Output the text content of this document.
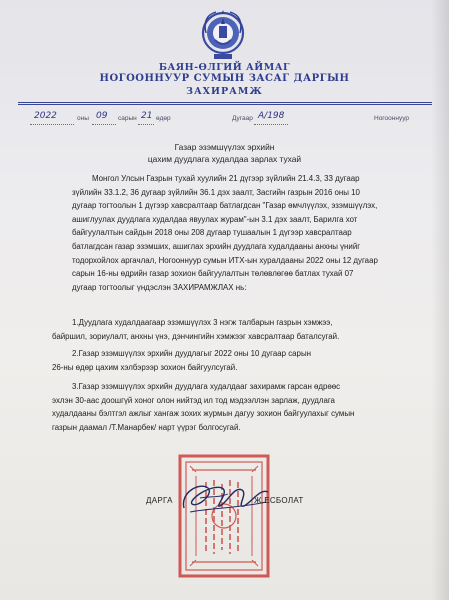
БАЯН-ӨЛГИЙ АЙМАГ
НОГООННУУР СУМЫН ЗАСАГ ДАРГЫН
ЗАХИРАМЖ
2022	оны 09 сарын 21 өдөр	Дугаар А/198	Ногооннуур
Газар эзэмшүүлэх эрхийн
цахим дуудлага худалдаа зарлах тухай
Монгол Улсын Газрын тухай хуулийн 21 дүгээр зүйлийн 21.4.3, 33 дугаар
зүйлийн 33.1.2, 36 дугаар зүйлийн 36.1 дэх заалт, Засгийн газрын 2016 оны 10
дугаар тогтоолын 1 дүгээр хавсралтаар батлагдсан "Газар өмчлүүлэх, эзэмшүүлэх,
ашиглуулах дуудлага худалдаа явуулах журам"-ын 3.1 дэх заалт, Барилга хот
байгуулалтын сайдын 2018 оны 208 дугаар тушаалын 1 дүгээр хавсралтаар
батлагдсан газар эзэмших, ашиглах эрхийн дуудлага худалдааны анхны үнийг
тодорхойлох аргачлал, Ногооннуур сумын ИТХ-ын хуралдааны 2022 оны 12 дугаар
сарын 16-ны өдрийн газар зохион байгуулалтын төлөвлөгөө батлах тухай 07
дугаар тогтоолыг үндэслэн ЗАХИРАМЖЛАХ нь:
1.Дуудлага худалдаагаар эзэмшүүлэх 3 нэгж талбарын газрын хэмжээ,
байршил, зориулалт, анхны үнэ, дэнчингийн хэмжээг хавсралтаар баталсугай.
2.Газар эзэмшүүлэх эрхийн дуудлагыг 2022 оны 10 дугаар сарын
26-ны өдөр цахим хэлбэрээр зохион байгуулсугай.
3.Газар эзэмшүүлэх эрхийн дуудлага худалдааг захирамж гарсан өдрөөс
эхлэн 30-аас доошгүй хоног олон нийтэд ил тод мэдээллэн зарлаж, дуудлага
худалдааны бэлтгэл ажлыг хангаж зохих журмын дагуу зохион байгуулахыг сумын
газрын даамал /Т.Манарбек/ нарт үүрэг болгосугай.
ДАРГА	Ж.ЕСБОЛАТ
